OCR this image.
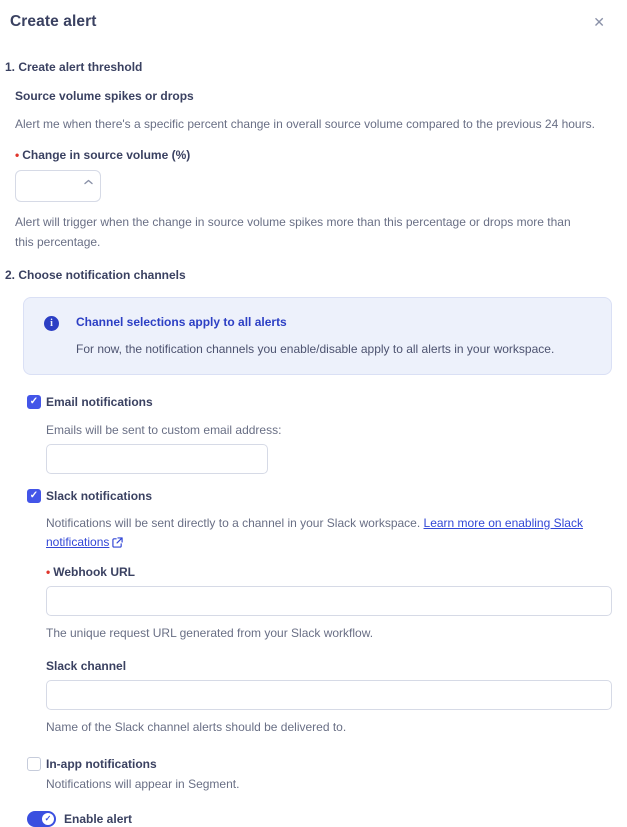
Create alert	✕
1. Create alert threshold
Source volume spikes or drops
Alert me when there's a specific percent change in overall source volume compared to the previous 24 hours.
• Change in source volume (%)
Alert will trigger when the change in source volume spikes more than this percentage or drops more than this percentage.
2. Choose notification channels
i	Channel selections apply to all alerts
For now, the notification channels you enable/disable apply to all alerts in your workspace.
✓ Email notifications
Emails will be sent to custom email address:
✓ Slack notifications
Notifications will be sent directly to a channel in your Slack workspace. Learn more on enabling Slack notifications
• Webhook URL
The unique request URL generated from your Slack workflow.
Slack channel
Name of the Slack channel alerts should be delivered to.
In-app notifications
Notifications will appear in Segment.
✓ Enable alert
